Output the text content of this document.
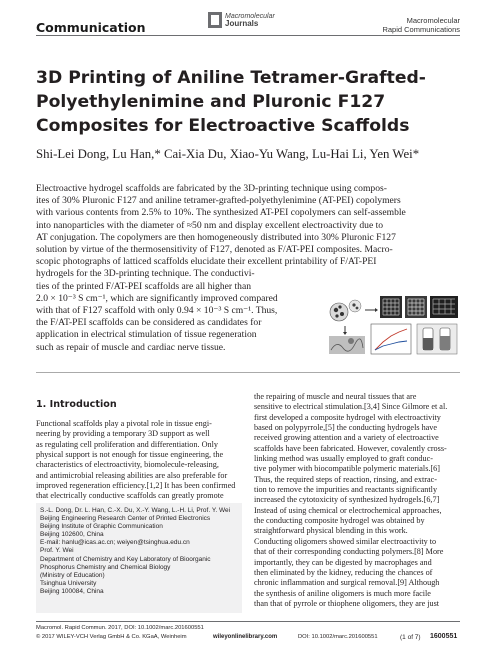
Communication
Macromolecular
Journals	Macromolecular
Rapid Communications
3D Printing of Aniline Tetramer-Grafted-Polyethylenimine and Pluronic F127 Composites for Electroactive Scaffolds
Shi-Lei Dong, Lu Han,* Cai-Xia Du, Xiao-Yu Wang, Lu-Hai Li, Yen Wei*
Electroactive hydrogel scaffolds are fabricated by the 3D-printing technique using compos-
ites of 30% Pluronic F127 and aniline tetramer-grafted-polyethylenimine (AT-PEI) copolymers
with various contents from 2.5% to 10%. The synthesized AT-PEI copolymers can self-assemble
into nanoparticles with the diameter of ≈50 nm and display excellent electroactivity due to
AT conjugation. The copolymers are then homogeneously distributed into 30% Pluronic F127
solution by virtue of the thermosensitivity of F127, denoted as F/AT-PEI composites. Macro-
scopic photographs of latticed scaffolds elucidate their excellent printability of F/AT-PEI
hydrogels for the 3D-printing technique. The conductivi-
ties of the printed F/AT-PEI scaffolds are all higher than
2.0 × 10⁻³ S cm⁻¹, which are significantly improved compared
with that of F127 scaffold with only 0.94 × 10⁻³ S cm⁻¹. Thus,
the F/AT-PEI scaffolds can be considered as candidates for
application in electrical stimulation of tissue regeneration
such as repair of muscle and cardiac nerve tissue.
1. Introduction
Functional scaffolds play a pivotal role in tissue engi-
neering by providing a temporary 3D support as well
as regulating cell proliferation and differentiation. Only
physical support is not enough for tissue engineering, the
characteristics of electroactivity, biomolecule-releasing,
and antimicrobial releasing abilities are also preferable for
improved regeneration efficiency.[1,2] It has been confirmed
that electrically conductive scaffolds can greatly promote
S.-L. Dong, Dr. L. Han, C.-X. Du, X.-Y. Wang, L.-H. Li, Prof. Y. Wei
Beijing Engineering Research Center of Printed Electronics
Beijing Institute of Graphic Communication
Beijing 102600, China
E-mail: hanlu@icas.ac.cn; weiyen@tsinghua.edu.cn
Prof. Y. Wei
Department of Chemistry and Key Laboratory of Bioorganic
Phosphorus Chemistry and Chemical Biology
(Ministry of Education)
Tsinghua University
Beijing 100084, China
the repairing of muscle and neural tissues that are
sensitive to electrical stimulation.[3,4] Since Gilmore et al.
first developed a composite hydrogel with electroactivity
based on polypyrrole,[5] the conducting hydrogels have
received growing attention and a variety of electroactive
scaffolds have been fabricated. However, covalently cross-
linking method was usually employed to graft conduc-
tive polymer with biocompatible polymeric materials.[6]
Thus, the required steps of reaction, rinsing, and extrac-
tion to remove the impurities and reactants significantly
increased the cytotoxicity of synthesized hydrogels.[6,7]
Instead of using chemical or electrochemical approaches,
the conducting composite hydrogel was obtained by
straightforward physical blending in this work.
Conducting oligomers showed similar electroactivity to
that of their corresponding conducting polymers.[8] More
importantly, they can be digested by macrophages and
then eliminated by the kidney, reducing the chances of
chronic inflammation and surgical removal.[9] Although
the synthesis of aniline oligomers is much more facile
than that of pyrrole or thiophene oligomers, they are just
Macromol. Rapid Commun. 2017, DOI: 10.1002/marc.201600551
© 2017 WILEY-VCH Verlag GmbH & Co. KGaA, Weinheim	wileyonlinelibrary.com	DOI: 10.1002/marc.201600551	(1 of 7) 1600551
